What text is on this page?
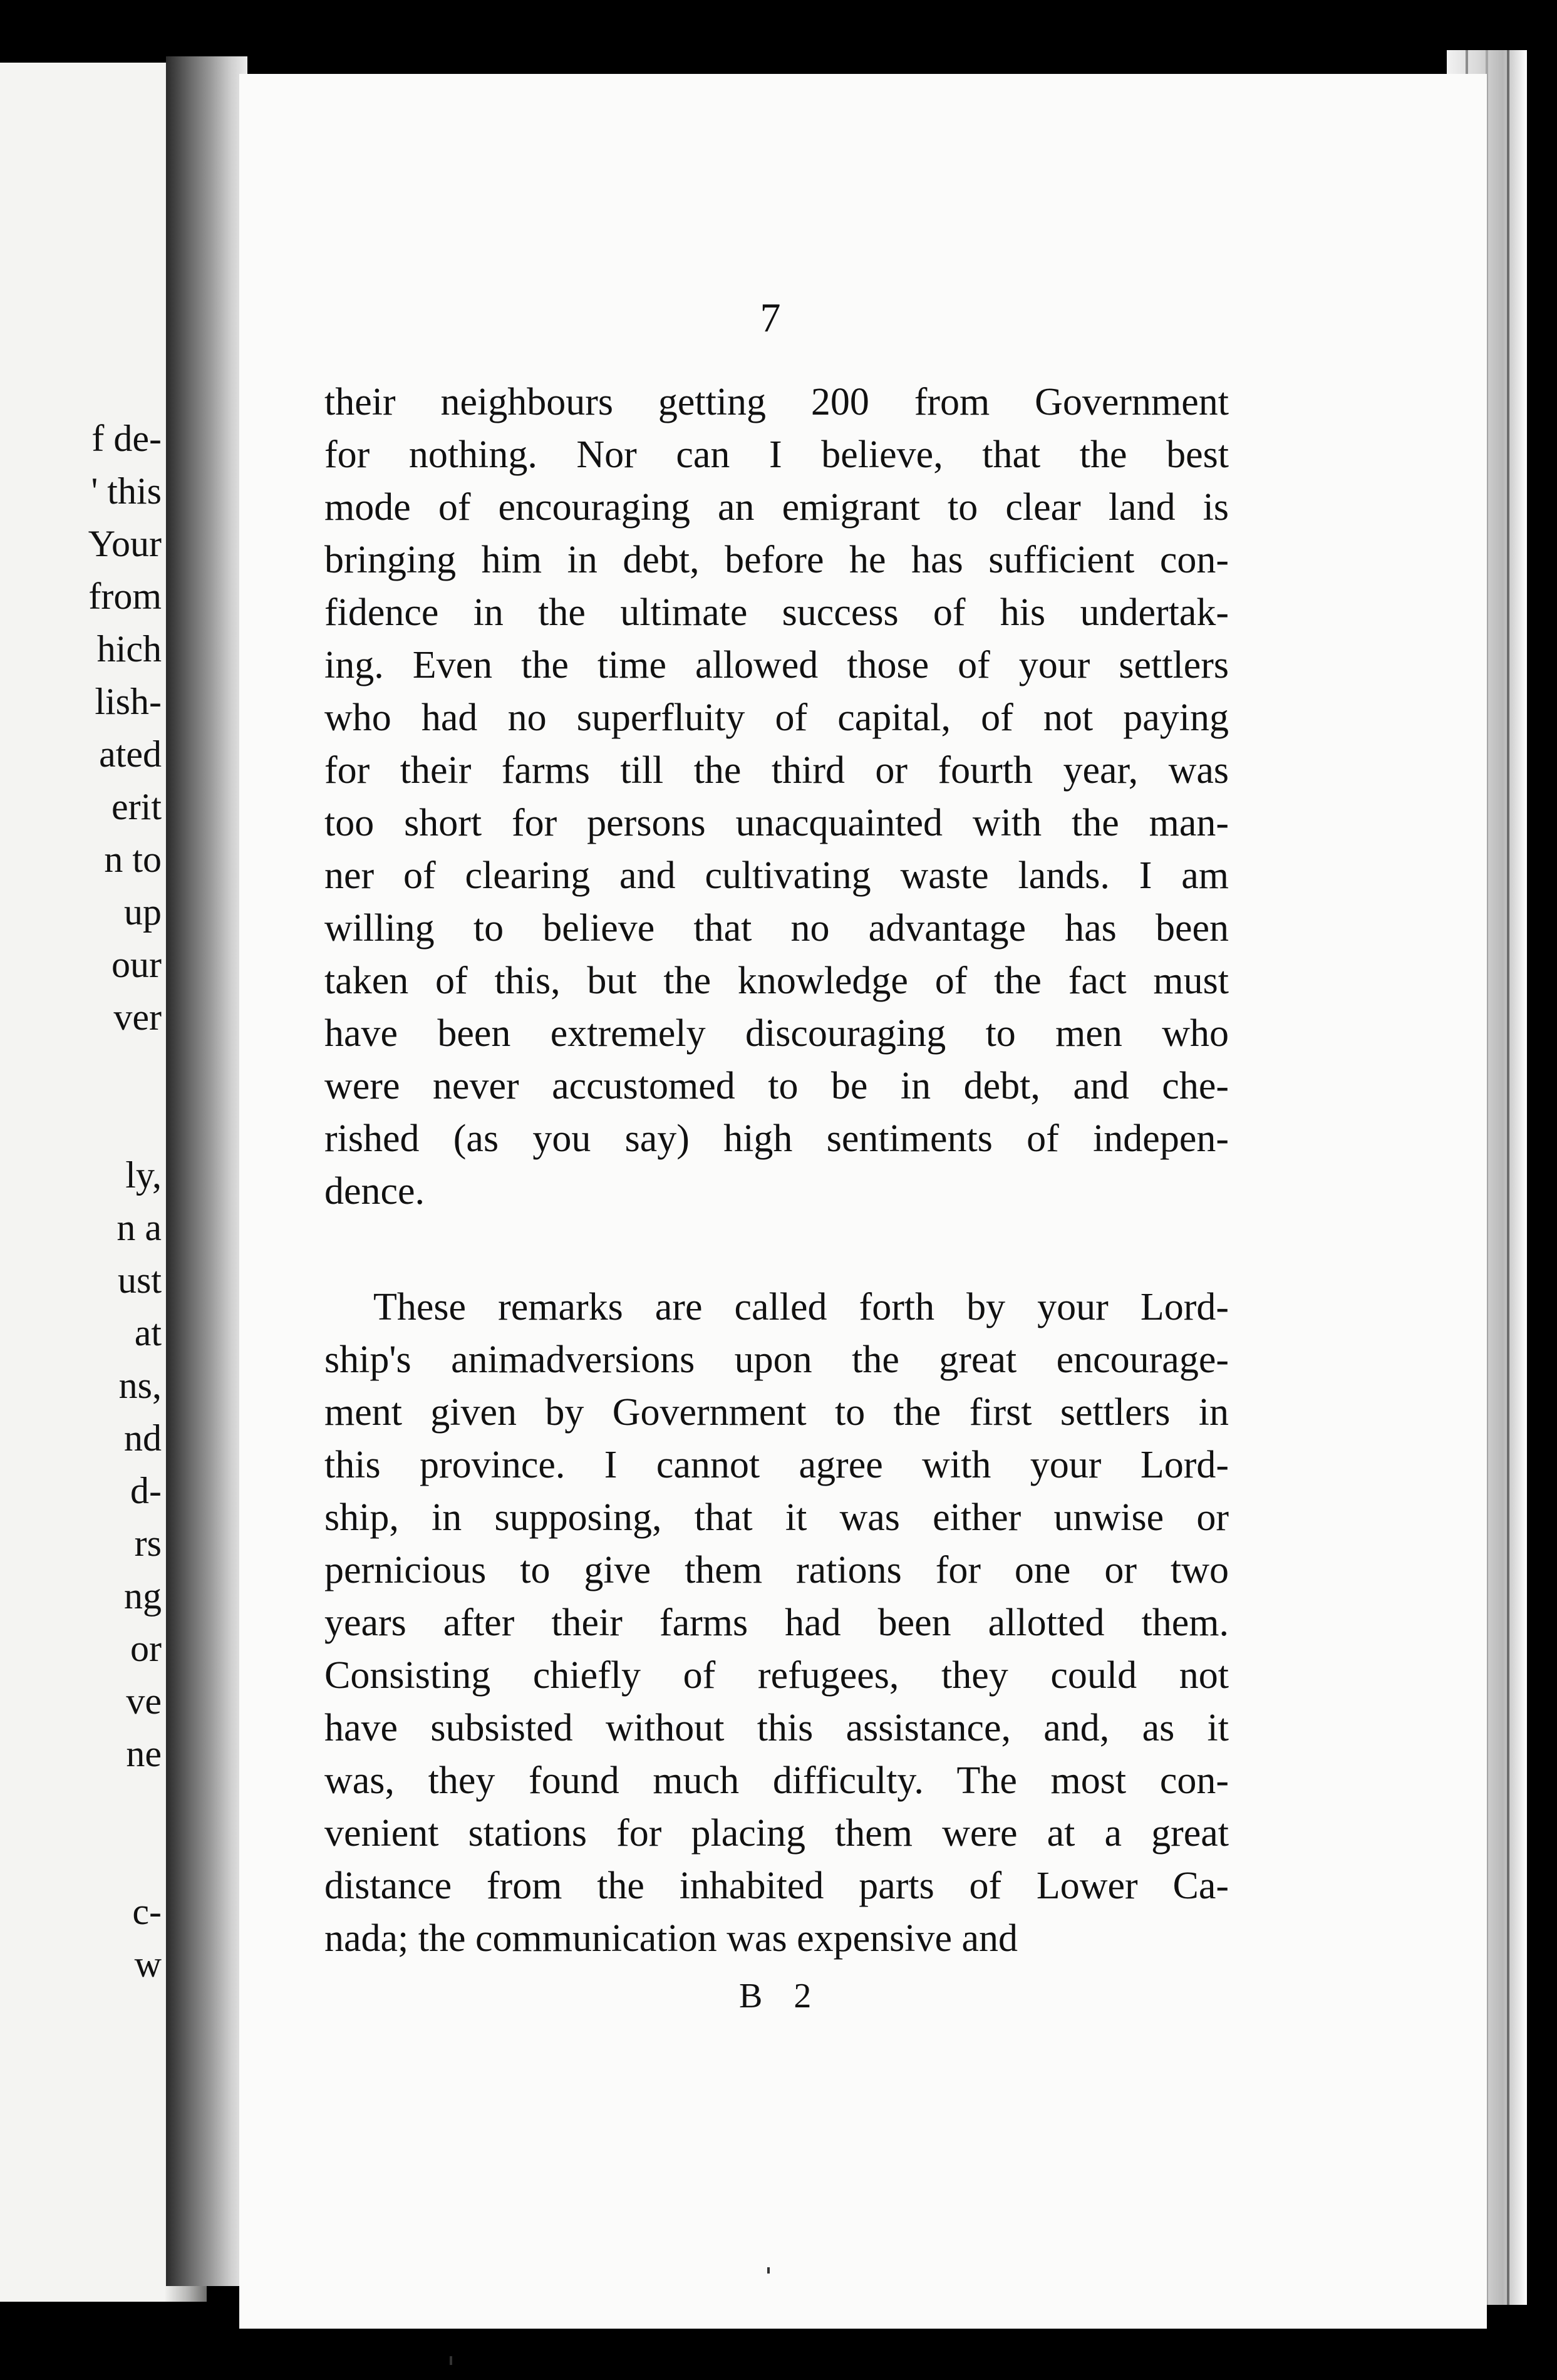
f de-
' this
Your
from
hich
lish-
ated
erit
n to
up
our
ver
ly,
n a
ust
at
ns,
nd
d-
rs
ng
or
ve
ne
c-
w
7
their neighbours getting 200 from Government
for nothing. Nor can I believe, that the best
mode of encouraging an emigrant to clear land is
bringing him in debt, before he has sufficient con-
fidence in the ultimate success of his undertak-
ing. Even the time allowed those of your settlers
who had no superfluity of capital, of not paying
for their farms till the third or fourth year, was
too short for persons unacquainted with the man-
ner of clearing and cultivating waste lands. I am
willing to believe that no advantage has been
taken of this, but the knowledge of the fact must
have been extremely discouraging to men who
were never accustomed to be in debt, and che-
rished (as you say) high sentiments of indepen-
dence.
These remarks are called forth by your Lord-
ship's animadversions upon the great encourage-
ment given by Government to the first settlers in
this province. I cannot agree with your Lord-
ship, in supposing, that it was either unwise or
pernicious to give them rations for one or two
years after their farms had been allotted them.
Consisting chiefly of refugees, they could not
have subsisted without this assistance, and, as it
was, they found much difficulty. The most con-
venient stations for placing them were at a great
distance from the inhabited parts of Lower Ca-
nada; the communication was expensive and
B 2
